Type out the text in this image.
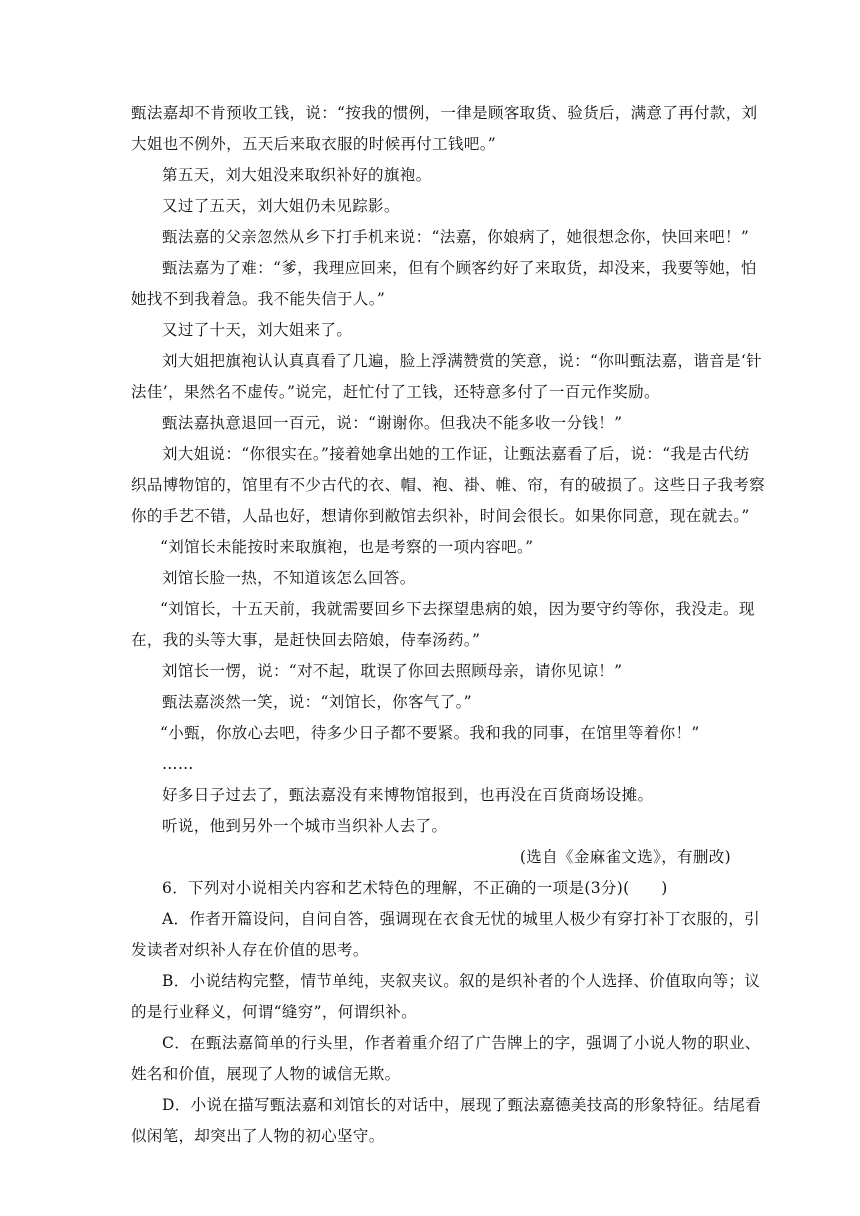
甄法嘉却不肯预收工钱，说：“按我的惯例，一律是顾客取货、验货后，满意了再付款，刘
大姐也不例外，五天后来取衣服的时候再付工钱吧。”
第五天，刘大姐没来取织补好的旗袍。
又过了五天，刘大姐仍未见踪影。
甄法嘉的父亲忽然从乡下打手机来说：“法嘉，你娘病了，她很想念你，快回来吧！”
甄法嘉为了难：“爹，我理应回来，但有个顾客约好了来取货，却没来，我要等她，怕
她找不到我着急。我不能失信于人。”
又过了十天，刘大姐来了。
刘大姐把旗袍认认真真看了几遍，脸上浮满赞赏的笑意，说：“你叫甄法嘉，谐音是‘针
法佳’，果然名不虚传。”说完，赶忙付了工钱，还特意多付了一百元作奖励。
甄法嘉执意退回一百元，说：“谢谢你。但我决不能多收一分钱！”
刘大姐说：“你很实在。”接着她拿出她的工作证，让甄法嘉看了后，说：“我是古代纺
织品博物馆的，馆里有不少古代的衣、帽、袍、褂、帷、帘，有的破损了。这些日子我考察
你的手艺不错，人品也好，想请你到敝馆去织补，时间会很长。如果你同意，现在就去。”
“刘馆长未能按时来取旗袍，也是考察的一项内容吧。”
刘馆长脸一热，不知道该怎么回答。
“刘馆长，十五天前，我就需要回乡下去探望患病的娘，因为要守约等你，我没走。现
在，我的头等大事，是赶快回去陪娘，侍奉汤药。”
刘馆长一愣，说：“对不起，耽误了你回去照顾母亲，请你见谅！”
甄法嘉淡然一笑，说：“刘馆长，你客气了。”
“小甄，你放心去吧，待多少日子都不要紧。我和我的同事，在馆里等着你！”
……
好多日子过去了，甄法嘉没有来博物馆报到，也再没在百货商场设摊。
听说，他到另外一个城市当织补人去了。
(选自《金麻雀文选》，有删改)
6．下列对小说相关内容和艺术特色的理解，不正确的一项是(3分)(　　)
A．作者开篇设问，自问自答，强调现在衣食无忧的城里人极少有穿打补丁衣服的，引
发读者对织补人存在价值的思考。
B．小说结构完整，情节单纯，夹叙夹议。叙的是织补者的个人选择、价值取向等；议
的是行业释义，何谓“缝穷”，何谓织补。
C．在甄法嘉简单的行头里，作者着重介绍了广告牌上的字，强调了小说人物的职业、
姓名和价值，展现了人物的诚信无欺。
D．小说在描写甄法嘉和刘馆长的对话中，展现了甄法嘉德美技高的形象特征。结尾看
似闲笔，却突出了人物的初心坚守。
